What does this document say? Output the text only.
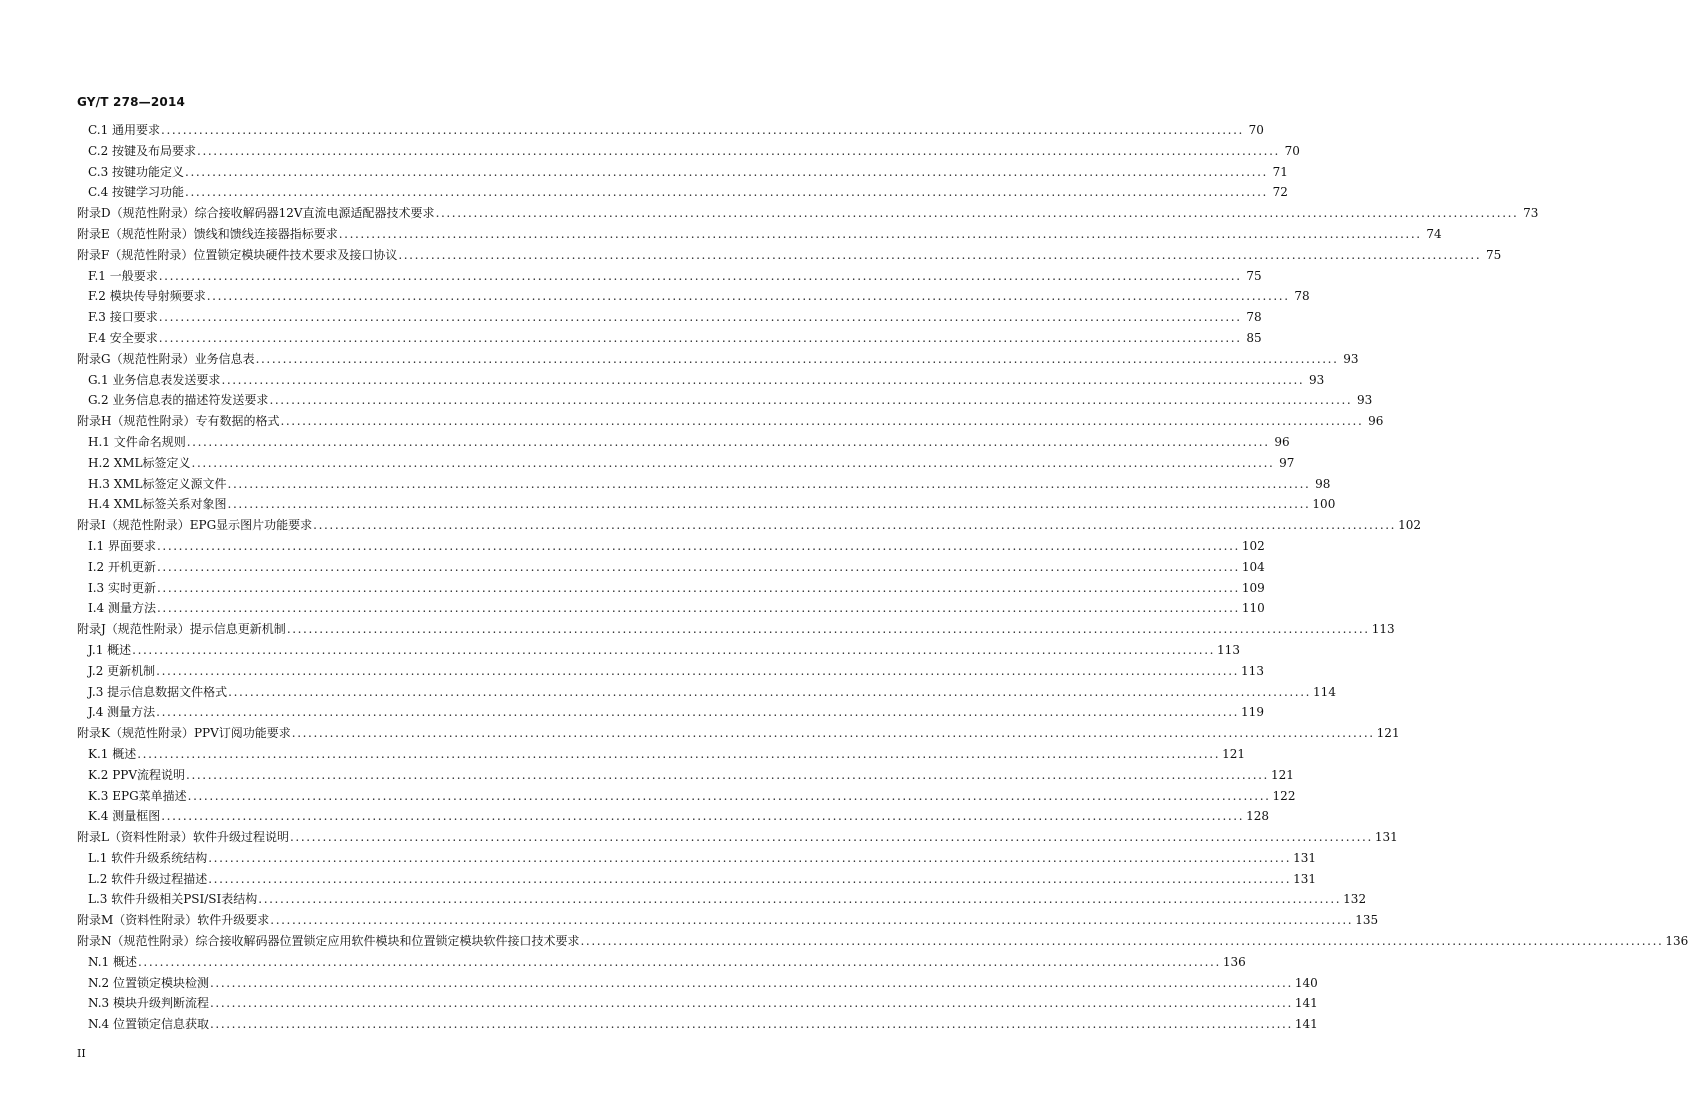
GY/T 278—2014
C.1 通用要求 ........................................................................................................................................................................................................ 70
C.2 按键及布局要求 ........................................................................................................................................................................................................ 70
C.3 按键功能定义 ........................................................................................................................................................................................................ 71
C.4 按键学习功能 ........................................................................................................................................................................................................ 72
附录D（规范性附录）综合接收解码器12V直流电源适配器技术要求 ........................................................................................................................................................................................................ 73
附录E（规范性附录）馈线和馈线连接器指标要求 ........................................................................................................................................................................................................ 74
附录F（规范性附录）位置锁定模块硬件技术要求及接口协议 ........................................................................................................................................................................................................ 75
F.1 一般要求 ........................................................................................................................................................................................................ 75
F.2 模块传导射频要求 ........................................................................................................................................................................................................ 78
F.3 接口要求 ........................................................................................................................................................................................................ 78
F.4 安全要求 ........................................................................................................................................................................................................ 85
附录G（规范性附录）业务信息表 ........................................................................................................................................................................................................ 93
G.1 业务信息表发送要求 ........................................................................................................................................................................................................ 93
G.2 业务信息表的描述符发送要求 ........................................................................................................................................................................................................ 93
附录H（规范性附录）专有数据的格式 ........................................................................................................................................................................................................ 96
H.1 文件命名规则 ........................................................................................................................................................................................................ 96
H.2 XML标签定义 ........................................................................................................................................................................................................ 97
H.3 XML标签定义源文件 ........................................................................................................................................................................................................ 98
H.4 XML标签关系对象图 ........................................................................................................................................................................................................ 100
附录I（规范性附录）EPG显示图片功能要求 ........................................................................................................................................................................................................ 102
I.1 界面要求 ........................................................................................................................................................................................................ 102
I.2 开机更新 ........................................................................................................................................................................................................ 104
I.3 实时更新 ........................................................................................................................................................................................................ 109
I.4 测量方法 ........................................................................................................................................................................................................ 110
附录J（规范性附录）提示信息更新机制 ........................................................................................................................................................................................................ 113
J.1 概述 ........................................................................................................................................................................................................ 113
J.2 更新机制 ........................................................................................................................................................................................................ 113
J.3 提示信息数据文件格式 ........................................................................................................................................................................................................ 114
J.4 测量方法 ........................................................................................................................................................................................................ 119
附录K（规范性附录）PPV订阅功能要求 ........................................................................................................................................................................................................ 121
K.1 概述 ........................................................................................................................................................................................................ 121
K.2 PPV流程说明 ........................................................................................................................................................................................................ 121
K.3 EPG菜单描述 ........................................................................................................................................................................................................ 122
K.4 测量框图 ........................................................................................................................................................................................................ 128
附录L（资料性附录）软件升级过程说明 ........................................................................................................................................................................................................ 131
L.1 软件升级系统结构 ........................................................................................................................................................................................................ 131
L.2 软件升级过程描述 ........................................................................................................................................................................................................ 131
L.3 软件升级相关PSI/SI表结构 ........................................................................................................................................................................................................ 132
附录M（资料性附录）软件升级要求 ........................................................................................................................................................................................................ 135
附录N（规范性附录）综合接收解码器位置锁定应用软件模块和位置锁定模块软件接口技术要求 ........................................................................................................................................................................................................ 136
N.1 概述 ........................................................................................................................................................................................................ 136
N.2 位置锁定模块检测 ........................................................................................................................................................................................................ 140
N.3 模块升级判断流程 ........................................................................................................................................................................................................ 141
N.4 位置锁定信息获取 ........................................................................................................................................................................................................ 141
II
